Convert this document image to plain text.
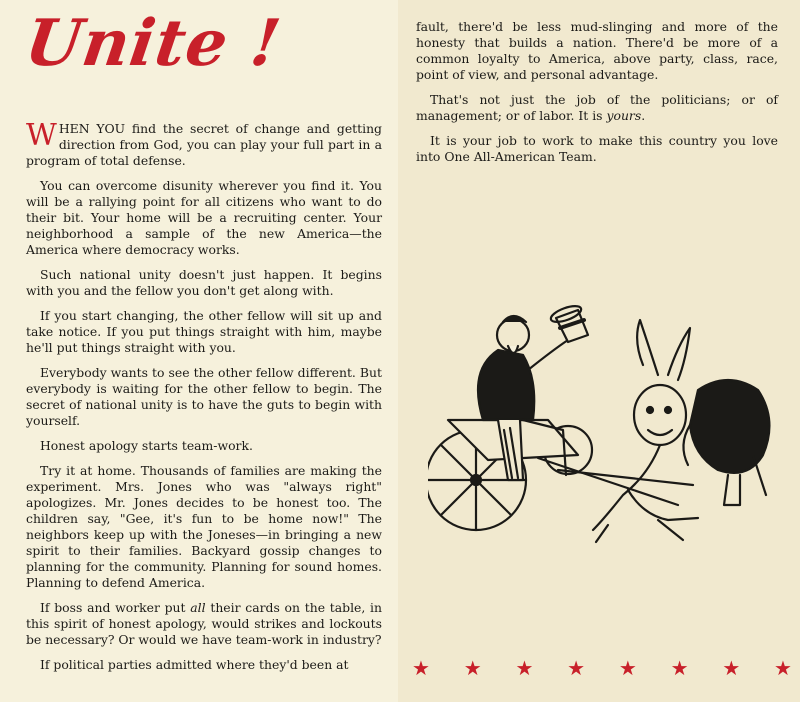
Unite !

WHEN YOU find the secret of change and getting direction from God, you can play your full part in a program of total defense.

You can overcome disunity wherever you find it. You will be a rallying point for all citizens who want to do their bit. Your home will be a recruiting center. Your neighborhood a sample of the new America—the America where democracy works.

Such national unity doesn't just happen. It begins with you and the fellow you don't get along with.

If you start changing, the other fellow will sit up and take notice. If you put things straight with him, maybe he'll put things straight with you.

Everybody wants to see the other fellow different. But everybody is waiting for the other fellow to begin. The secret of national unity is to have the guts to begin with yourself.

Honest apology starts team-work.

Try it at home. Thousands of families are making the experiment. Mrs. Jones who was "always right" apologizes. Mr. Jones decides to be honest too. The children say, "Gee, it's fun to be home now!" The neighbors keep up with the Joneses—in bringing a new spirit to their families. Backyard gossip changes to planning for the community. Planning for sound homes. Planning to defend America.

If boss and worker put all their cards on the table, in this spirit of honest apology, would strikes and lockouts be necessary? Or would we have team-work in industry?

If political parties admitted where they'd been at

fault, there'd be less mud-slinging and more of the honesty that builds a nation. There'd be more of a common loyalty to America, above party, class, race, point of view, and personal advantage.

That's not just the job of the politicians; or of management; or of labor. It is yours.

It is your job to work to make this country you love into One All-American Team.

★ ★ ★ ★ ★ ★ ★ ★
